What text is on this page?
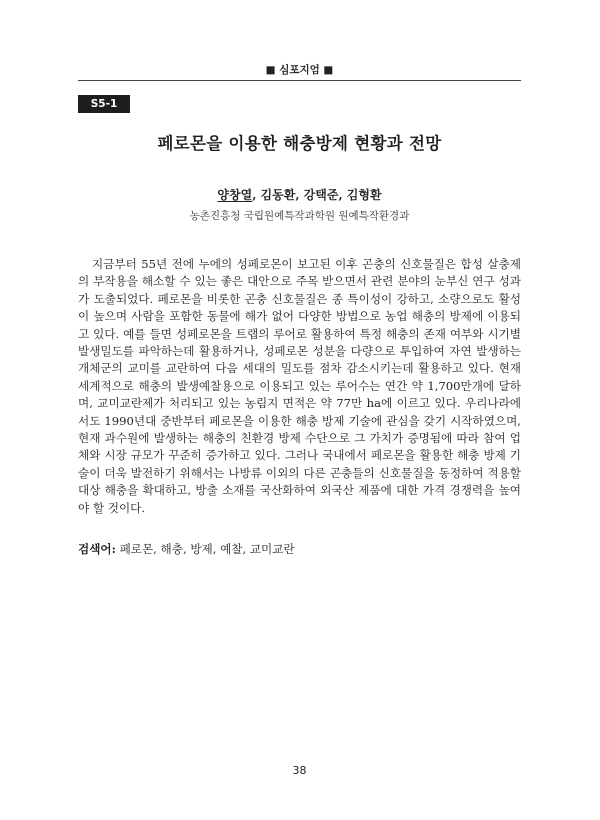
■ 심포지엄 ■
S5-1
페로몬을 이용한 해충방제 현황과 전망
양창열, 김동환, 강택준, 김형환
농촌진흥청 국립원예특작과학원 원예특작환경과

지금부터 55년 전에 누에의 성페로몬이 보고된 이후 곤충의 신호물질은 합성 살충제의 부작용을 해소할 수 있는 좋은 대안으로 주목 받으면서 관련 분야의 눈부신 연구 성과가 도출되었다. 페로몬을 비롯한 곤충 신호물질은 종 특이성이 강하고, 소량으로도 활성이 높으며 사람을 포함한 동물에 해가 없어 다양한 방법으로 농업 해충의 방제에 이용되고 있다. 예를 들면 성페로몬을 트랩의 루어로 활용하여 특정 해충의 존재 여부와 시기별 발생밀도를 파악하는데 활용하거나, 성페로몬 성분을 다량으로 투입하여 자연 발생하는 개체군의 교미를 교란하여 다음 세대의 밀도를 점차 감소시키는데 활용하고 있다. 현재 세계적으로 해충의 발생예찰용으로 이용되고 있는 루어수는 연간 약 1,700만개에 달하며, 교미교란제가 처리되고 있는 농림지 면적은 약 77만 ha에 이르고 있다. 우리나라에서도 1990년대 중반부터 페로몬을 이용한 해충 방제 기술에 관심을 갖기 시작하였으며, 현재 과수원에 발생하는 해충의 친환경 방제 수단으로 그 가치가 증명됨에 따라 참여 업체와 시장 규모가 꾸준히 증가하고 있다. 그러나 국내에서 페로몬을 활용한 해충 방제 기술이 더욱 발전하기 위해서는 나방류 이외의 다른 곤충들의 신호물질을 동정하여 적용할 대상 해충을 확대하고, 방출 소재를 국산화하여 외국산 제품에 대한 가격 경쟁력을 높여야 할 것이다.

검색어: 페로몬, 해충, 방제, 예찰, 교미교란
38
